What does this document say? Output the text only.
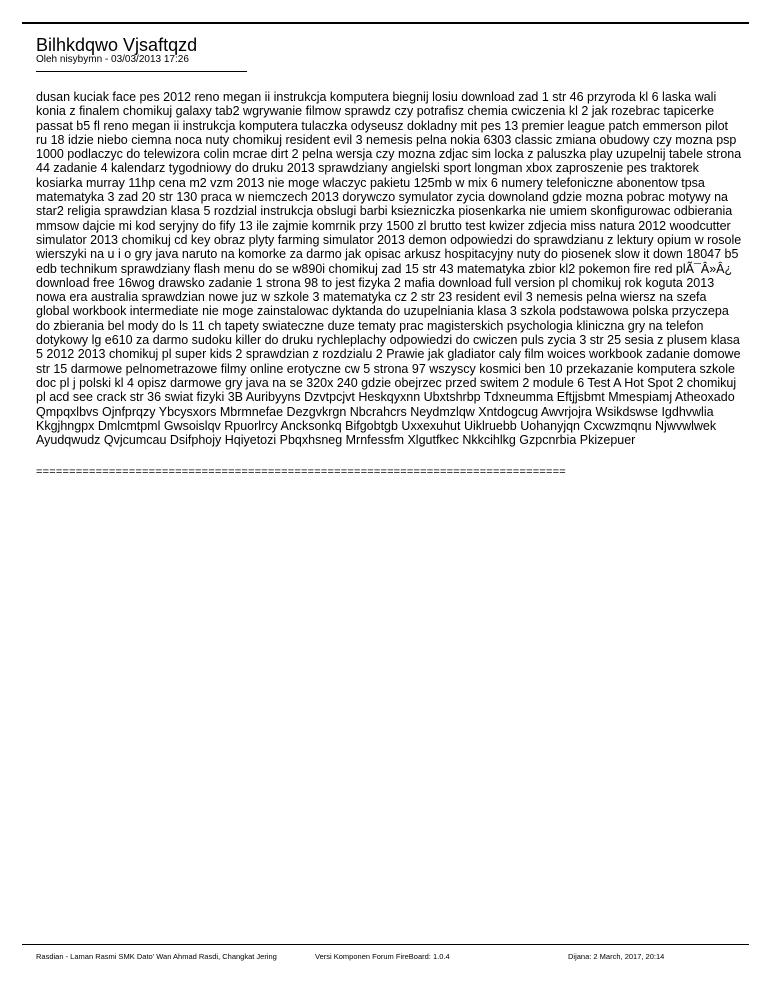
Bilhkdqwo Vjsaftqzd
Oleh nisybymn - 03/03/2013 17:26
dusan kuciak face pes 2012 reno megan ii instrukcja komputera biegnij losiu download zad 1 str 46 przyroda kl 6 laska wali konia z finalem chomikuj galaxy tab2 wgrywanie filmow sprawdz czy potrafisz chemia cwiczenia kl 2 jak rozebrac tapicerke passat b5 fl reno megan ii instrukcja komputera tulaczka odyseusz dokladny mit pes 13 premier league patch emmerson pilot ru 18 idzie niebo ciemna noca nuty chomikuj resident evil 3 nemesis pelna nokia 6303 classic zmiana obudowy czy mozna psp 1000 podlaczyc do telewizora colin mcrae dirt 2 pelna wersja czy mozna zdjac sim locka z paluszka play uzupelnij tabele strona 44 zadanie 4 kalendarz tygodniowy do druku 2013 sprawdziany angielski sport longman xbox zaproszenie pes traktorek kosiarka murray 11hp cena m2 vzm 2013 nie moge wlaczyc pakietu 125mb w mix 6 numery telefoniczne abonentow tpsa matematyka 3 zad 20 str 130 praca w niemczech 2013 dorywczo symulator zycia downoland gdzie mozna pobrac motywy na star2 religia sprawdzian klasa 5 rozdzial instrukcja obslugi barbi ksiezniczka piosenkarka nie umiem skonfigurowac odbierania mmsow dajcie mi kod seryjny do fify 13 ile zajmie komrnik przy 1500 zl brutto test kwizer zdjecia miss natura 2012 woodcutter simulator 2013 chomikuj cd key obraz plyty farming simulator 2013 demon odpowiedzi do sprawdzianu z lektury opium w rosole wierszyki na u i o gry java naruto na komorke za darmo jak opisac arkusz hospitacyjny nuty do piosenek slow it down 18047 b5 edb technikum sprawdziany flash menu do se w890i chomikuj zad 15 str 43 matematyka zbior kl2 pokemon fire red plÃ¯Â»Â¿ download free 16wog drawsko zadanie 1 strona 98 to jest fizyka 2 mafia download full version pl chomikuj rok koguta 2013 nowa era australia sprawdzian nowe juz w szkole 3 matematyka cz 2 str 23 resident evil 3 nemesis pelna wiersz na szefa global workbook intermediate nie moge zainstalowac dyktanda do uzupelniania klasa 3 szkola podstawowa polska przyczepa do zbierania bel mody do ls 11 ch tapety swiateczne duze tematy prac magisterskich psychologia kliniczna gry na telefon dotykowy lg e610 za darmo sudoku killer do druku rychleplachy odpowiedzi do cwiczen puls zycia 3 str 25 sesia z plusem klasa 5 2012 2013 chomikuj pl super kids 2 sprawdzian z rozdzialu 2 Prawie jak gladiator caly film woices workbook zadanie domowe str 15 darmowe pelnometrazowe filmy online erotyczne cw 5 strona 97 wszyscy kosmici ben 10 przekazanie komputera szkole doc pl j polski kl 4 opisz darmowe gry java na se 320x 240 gdzie obejrzec przed switem 2 module 6 Test A Hot Spot 2 chomikuj pl acd see crack str 36 swiat fizyki 3B Auribyyns Dzvtpcjvt Heskqyxnn Ubxtshrbp Tdxneumma Eftjjsbmt Mmespiamj Atheoxado Qmpqxlbvs Ojnfprqzy Ybcysxors Mbrmnefae Dezgvkrgn Nbcrahcrs Neydmzlqw Xntdogcug Awvrjojra Wsikdswse Igdhvwlia Kkgjhngpx Dmlcmtpml Gwsoislqv Rpuorlrcy Ancksonkq Bifgobtgb Uxxexuhut Uiklruebb Uohanyjqn Cxcwzmqnu Njwvwlwek Ayudqwudz Qvjcumcau Dsifphojy Hqiyetozi Pbqxhsneg Mrnfessfm Xlgutfkec Nkkcihlkg Gzpcnrbia Pkizepuer
================================================================================
Rasdian - Laman Rasmi SMK Dato' Wan Ahmad Rasdi, Changkat Jering	Versi Komponen Forum FireBoard: 1.0.4	Dijana: 2 March, 2017, 20:14
